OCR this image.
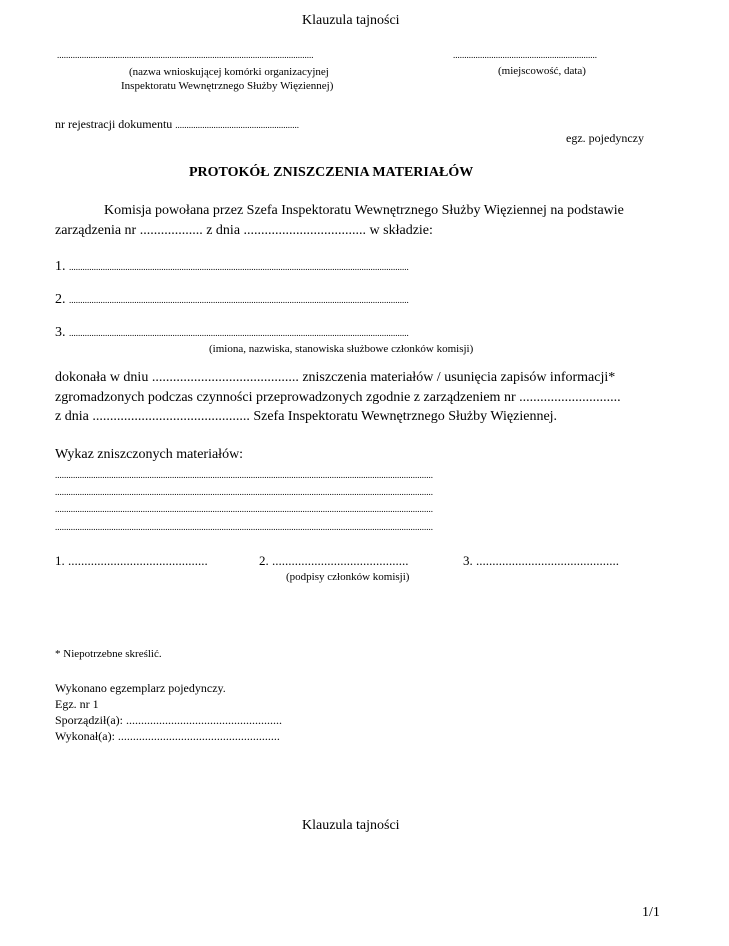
Klauzula tajności
..................................................................................................................
(nazwa wnioskującej komórki organizacyjnej
Inspektoratu Wewnętrznego Służby Więziennej)
................................................................
(miejscowość, data)
nr rejestracji dokumentu .......................................................
egz. pojedynczy
PROTOKÓŁ ZNISZCZENIA MATERIAŁÓW
Komisja powołana przez Szefa Inspektoratu Wewnętrznego Służby Więziennej na podstawie
zarządzenia nr .................. z dnia ................................... w składzie:
1. .......................................................................................................................................................
2. .......................................................................................................................................................
3. .......................................................................................................................................................
(imiona, nazwiska, stanowiska służbowe członków komisji)
dokonała w dniu .......................................... zniszczenia materiałów / usunięcia zapisów informacji*
zgromadzonych podczas czynności przeprowadzonych zgodnie z zarządzeniem nr .............................
z dnia ............................................. Szefa Inspektoratu Wewnętrznego Służby Więziennej.
Wykaz zniszczonych materiałów:
........................................................................................................................................................................
........................................................................................................................................................................
........................................................................................................................................................................
........................................................................................................................................................................
1. ...........................................	2. ..........................................	3. ............................................
(podpisy członków komisji)
* Niepotrzebne skreślić.
Wykonano egzemplarz pojedynczy.
Egz. nr 1
Sporządził(a): ....................................................
Wykonał(a): ......................................................
Klauzula tajności
1/1
